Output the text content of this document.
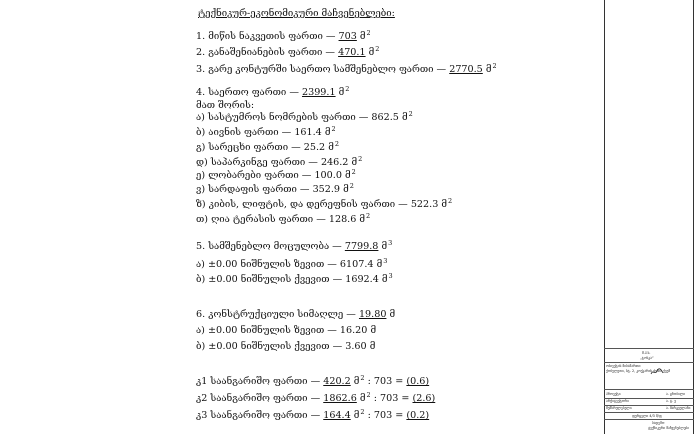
ტექნიკურ-ეკონომიკური მაჩვენებლები:
1. მიწის ნაკვეთის ფართი — 703 მ$^2$
2. განაშენიანების ფართი — 470.1 მ$^2$
3. გარე კონტურში საერთო სამშენებლო ფართი — 2770.5 მ$^2$
4. საერთო ფართი — 2399.1 მ$^2$
მათ შორის:
ა) სასტუმროს ნომრების ფართი — 862.5 მ$^2$
ბ) აივნის ფართი — 161.4 მ$^2$
გ) სარეცხი ფართი — 25.2 მ$^2$
დ) საპარკინგე ფართი — 246.2 მ$^2$
ე) ლობარები ფართი — 100.0 მ$^2$
ვ) სარდაფის ფართი — 352.9 მ$^2$
ზ) კიბის, ლიფტის, და დერეფნის ფართი — 522.3 მ$^2$
თ) ღია ტერასის ფართი — 128.6 მ$^2$
5. სამშენებლო მოცულობა — 7799.8 მ$^3$
ა) ±0.00 ნიშნულის ზევით — 6107.4 მ$^3$
ბ) ±0.00 ნიშნულის ქვევით — 1692.4 მ$^3$
6. კონსტრუქციული სიმაღლე — 19.80 მ
ა) ±0.00 ნიშნულის ზევით — 16.20 მ
ბ) ±0.00 ნიშნულის ქვევით — 3.60 მ
კ1 საანგარიშო ფართი — 420.2 მ$^2$ : 703 = (0.6)
კ2 საანგარიშო ფართი — 1862.6 მ$^2$ : 703 = (2.6)
კ3 საანგარიშო ფართი — 164.4 მ$^2$ : 703 = (0.2)
შ.პ.ს.
„ტოსკა“
ობიექტის მისამართი:
ქობულეთი, სტ. 2, კოქკარის ქუჩის ქვეშ
პროექტი	ა. ცნობილი
არქიტექტორი	ა. ტ. ვ
შემსრულებელი	ა. მარგველანი
ფურცელი 4/3 მ/ფ
სადემო
ტექნიკური მაჩვენებლები
